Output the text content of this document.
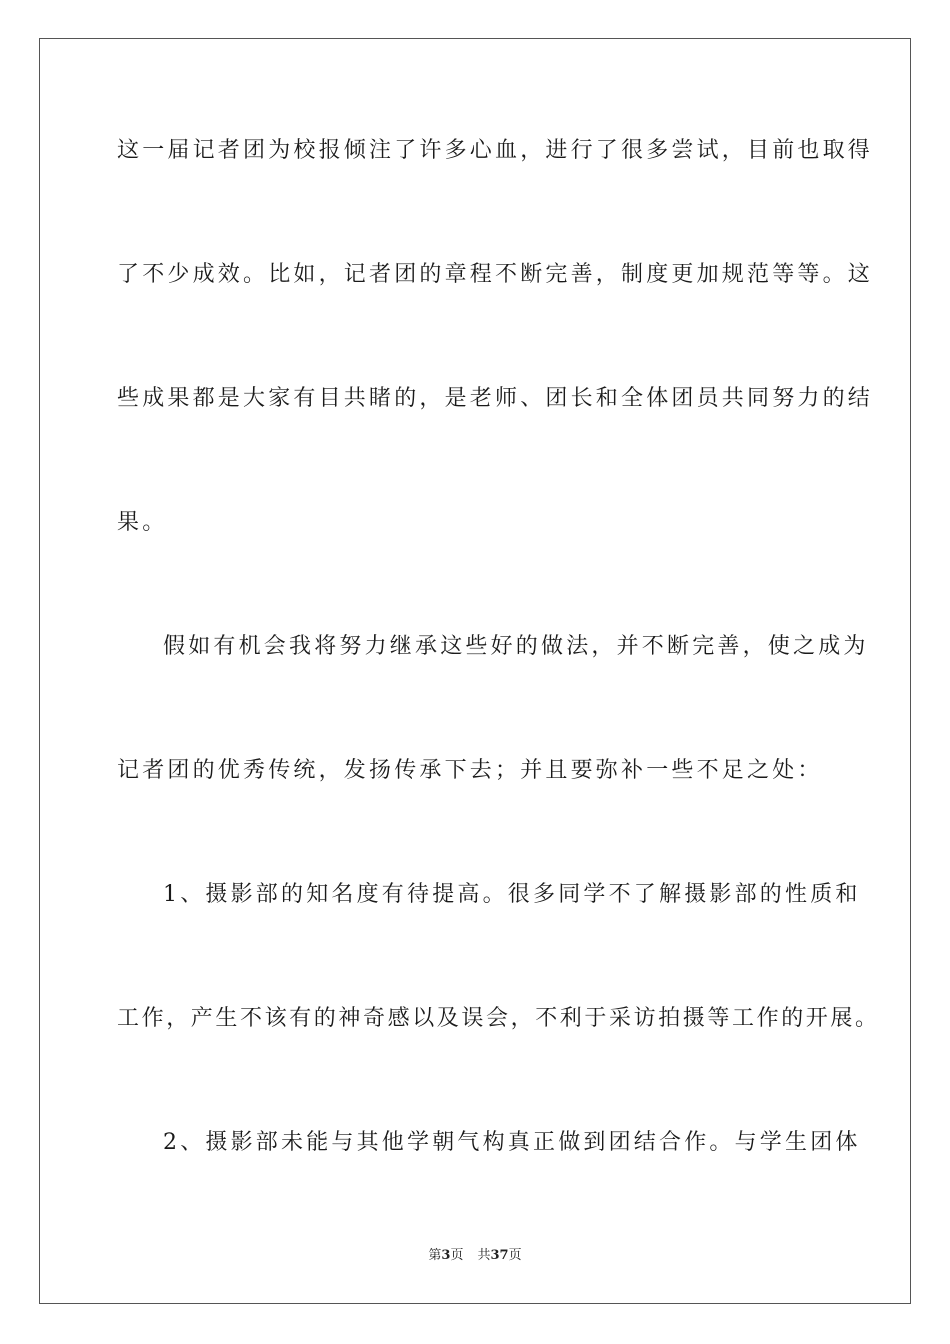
这一届记者团为校报倾注了许多心血，进行了很多尝试，目前也取得
了不少成效。比如，记者团的章程不断完善，制度更加规范等等。这
些成果都是大家有目共睹的，是老师、团长和全体团员共同努力的结
果。
假如有机会我将努力继承这些好的做法，并不断完善，使之成为
记者团的优秀传统，发扬传承下去；并且要弥补一些不足之处：
1、摄影部的知名度有待提高。很多同学不了解摄影部的性质和
工作，产生不该有的神奇感以及误会，不利于采访拍摄等工作的开展。
2、摄影部未能与其他学朝气构真正做到团结合作。与学生团体
第3页 共37页
